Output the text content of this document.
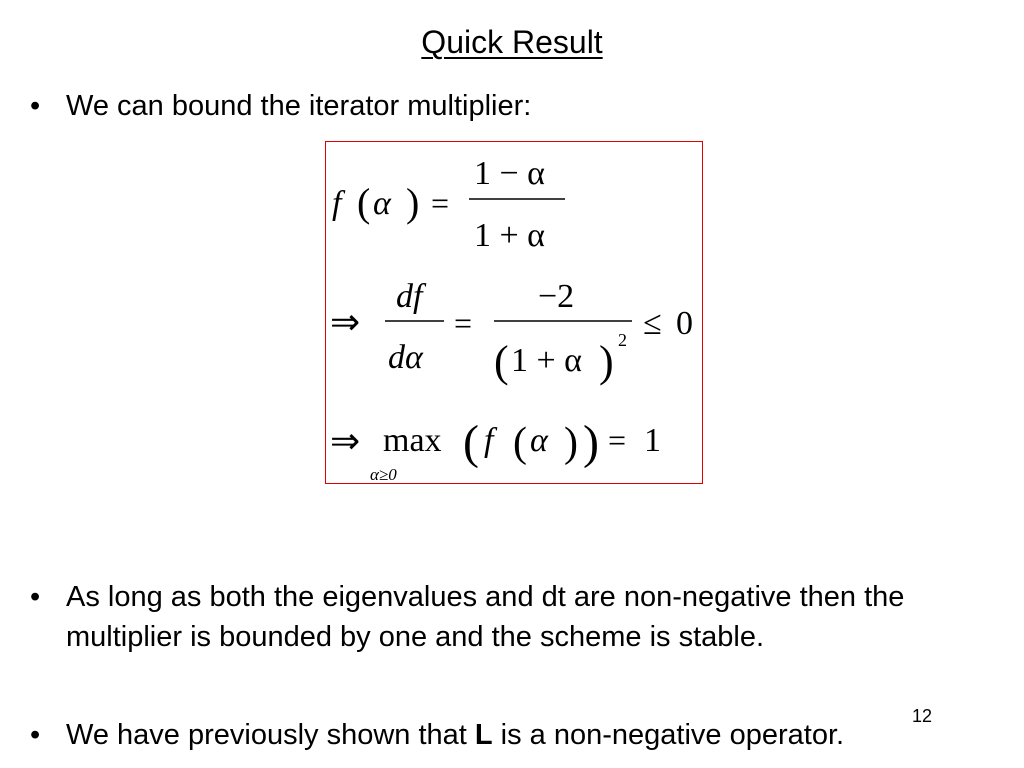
Quick Result
• We can bound the iterator multiplier:
f ( α ) =
1 − α
1 + α
⇒
df
dα
=
−2
( 1 + α ) 2 ≤ 0
⇒ max
α≥0
( f ( α ) ) = 1
• As long as both the eigenvalues and dt are non-negative then the multiplier is bounded by one and the scheme is stable.
12
• We have previously shown that L is a non-negative operator.
